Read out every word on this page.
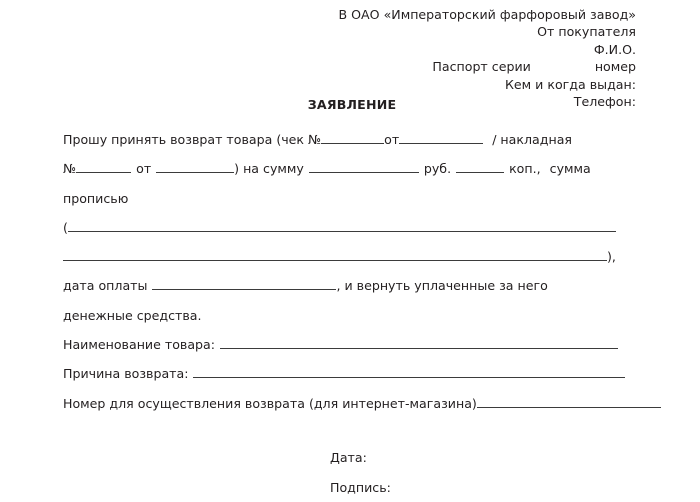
В ОАО «Императорский фарфоровый завод»
От покупателя
Ф.И.О.
Паспорт серии	номер
Кем и когда выдан:
Телефон:
ЗАЯВЛЕНИЕ
Прошу принять возврат товара (чек №	от	/ накладная
№	от	) на сумму	руб.	коп., сумма
прописью
(
),
дата оплаты	, и вернуть уплаченные за него
денежные средства.
Наименование товара:
Причина возврата:
Номер для осуществления возврата (для интернет-магазина)
Дата:
Подпись:
